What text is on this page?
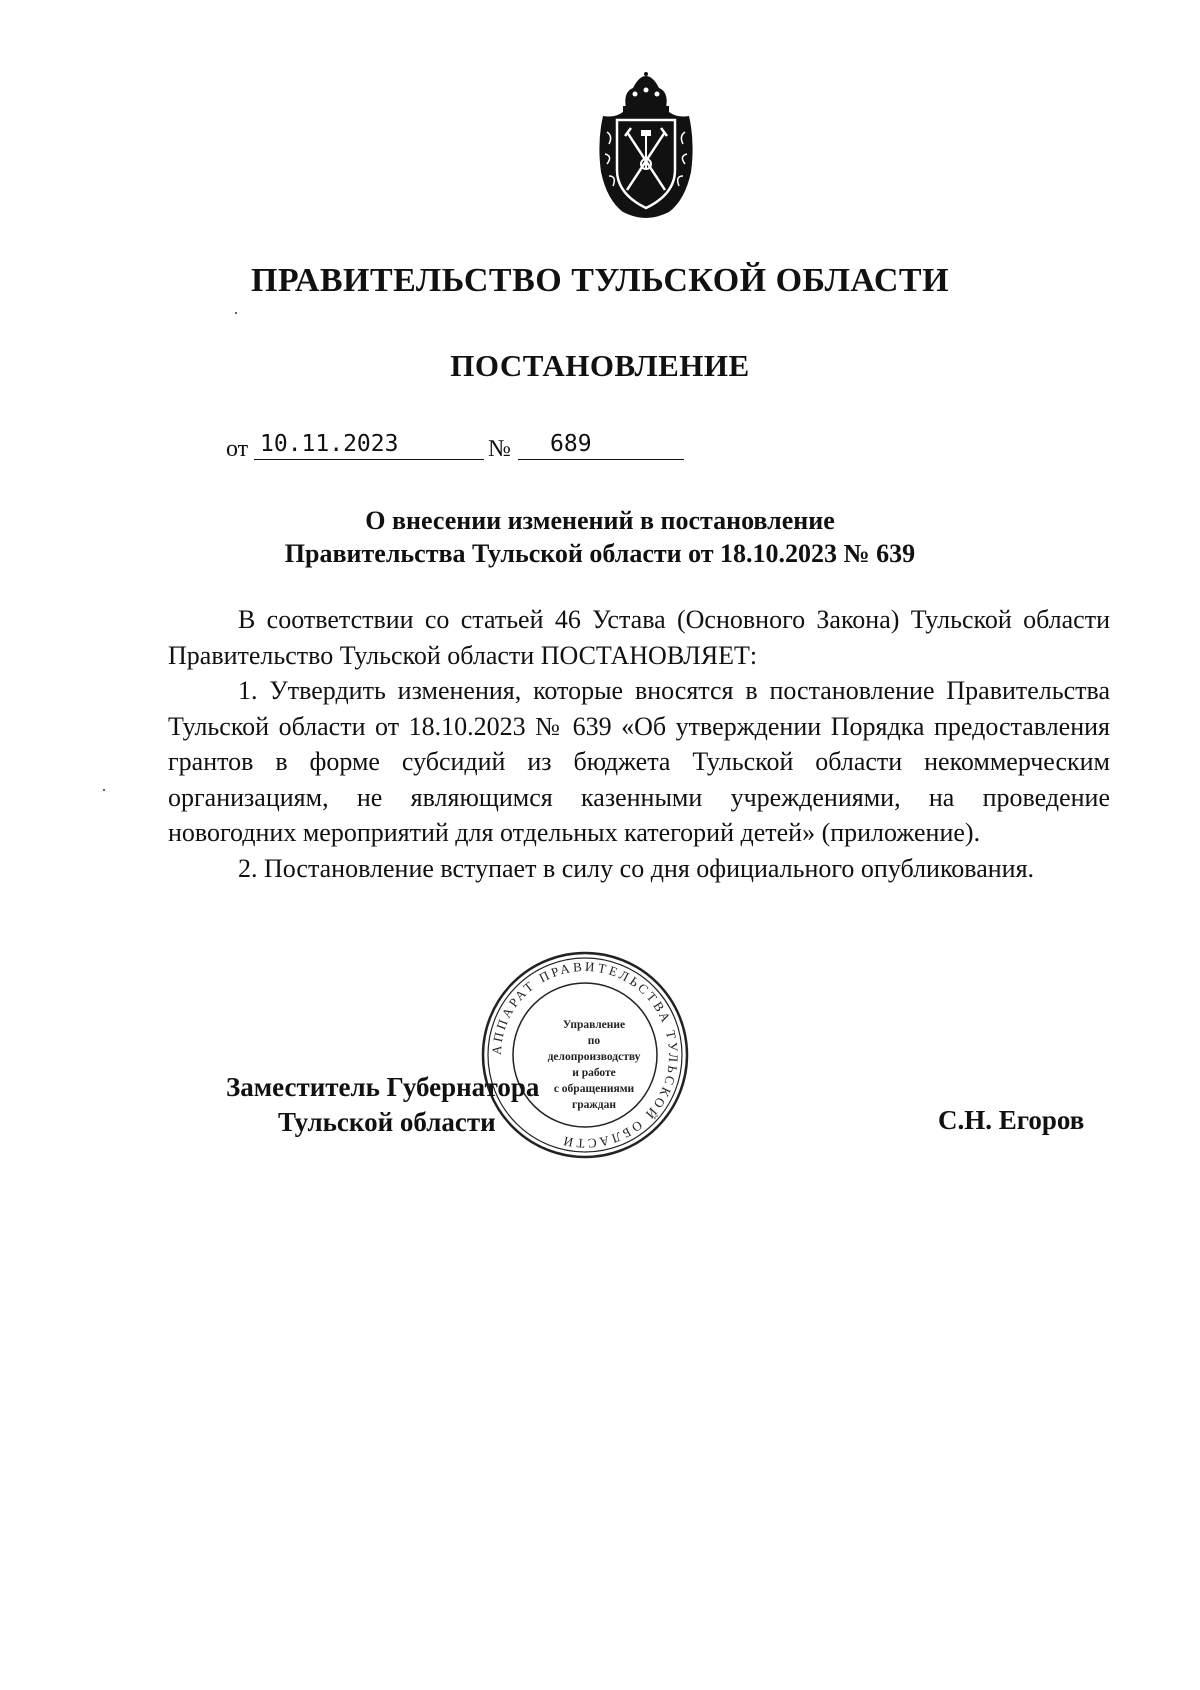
ПРАВИТЕЛЬСТВО ТУЛЬСКОЙ ОБЛАСТИ
ПОСТАНОВЛЕНИЕ
от 10.11.2023	№	689
О внесении изменений в постановление
Правительства Тульской области от 18.10.2023 № 639

В соответствии со статьей 46 Устава (Основного Закона) Тульской области Правительство Тульской области ПОСТАНОВЛЯЕТ:

1. Утвердить изменения, которые вносятся в постановление Правительства Тульской области от 18.10.2023 № 639 «Об утверждении Порядка предоставления грантов в форме субсидий из бюджета Тульской области некоммерческим организациям, не являющимся казенными учреждениями, на проведение новогодних мероприятий для отдельных категорий детей» (приложение).

2. Постановление вступает в силу со дня официального опубликования.

АППАРАТ ПРАВИТЕЛЬСТВА ТУЛЬСКОЙ ОБЛАСТИ
Управление
по делопроизводству
и работе
с обращениями
граждан
Заместитель Губернатора
Тульской области	С.Н. Егоров
